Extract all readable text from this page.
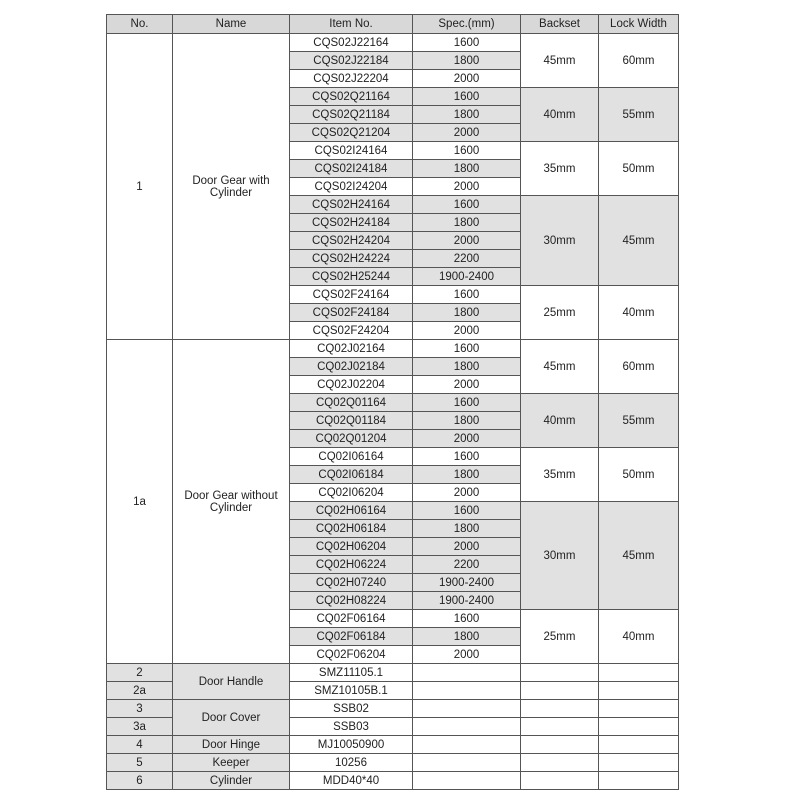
No.	Name	Item No.	Spec.(mm)	Backset	Lock Width
1	Door Gear with Cylinder	CQS02J22164	1600	45mm	60mm
		CQS02J22184	1800		
		CQS02J22204	2000		
		CQS02Q21164	1600	40mm	55mm
		CQS02Q21184	1800		
		CQS02Q21204	2000		
		CQS02I24164	1600	35mm	50mm
		CQS02I24184	1800		
		CQS02I24204	2000		
		CQS02H24164	1600	30mm	45mm
		CQS02H24184	1800		
		CQS02H24204	2000		
		CQS02H24224	2200		
		CQS02H25244	1900-2400		
		CQS02F24164	1600	25mm	40mm
		CQS02F24184	1800		
		CQS02F24204	2000		
1a	Door Gear without Cylinder	CQ02J02164	1600	45mm	60mm
		CQ02J02184	1800		
		CQ02J02204	2000		
		CQ02Q01164	1600	40mm	55mm
		CQ02Q01184	1800		
		CQ02Q01204	2000		
		CQ02I06164	1600	35mm	50mm
		CQ02I06184	1800		
		CQ02I06204	2000		
		CQ02H06164	1600	30mm	45mm
		CQ02H06184	1800		
		CQ02H06204	2000		
		CQ02H06224	2200		
		CQ02H07240	1900-2400		
		CQ02H08224	1900-2400		
		CQ02F06164	1600	25mm	40mm
		CQ02F06184	1800		
		CQ02F06204	2000		
2	Door Handle	SMZ11105.1			
2a		SMZ10105B.1			
3	Door Cover	SSB02			
3a		SSB03			
4	Door Hinge	MJ10050900			
5	Keeper	10256			
6	Cylinder	MDD40*40			
